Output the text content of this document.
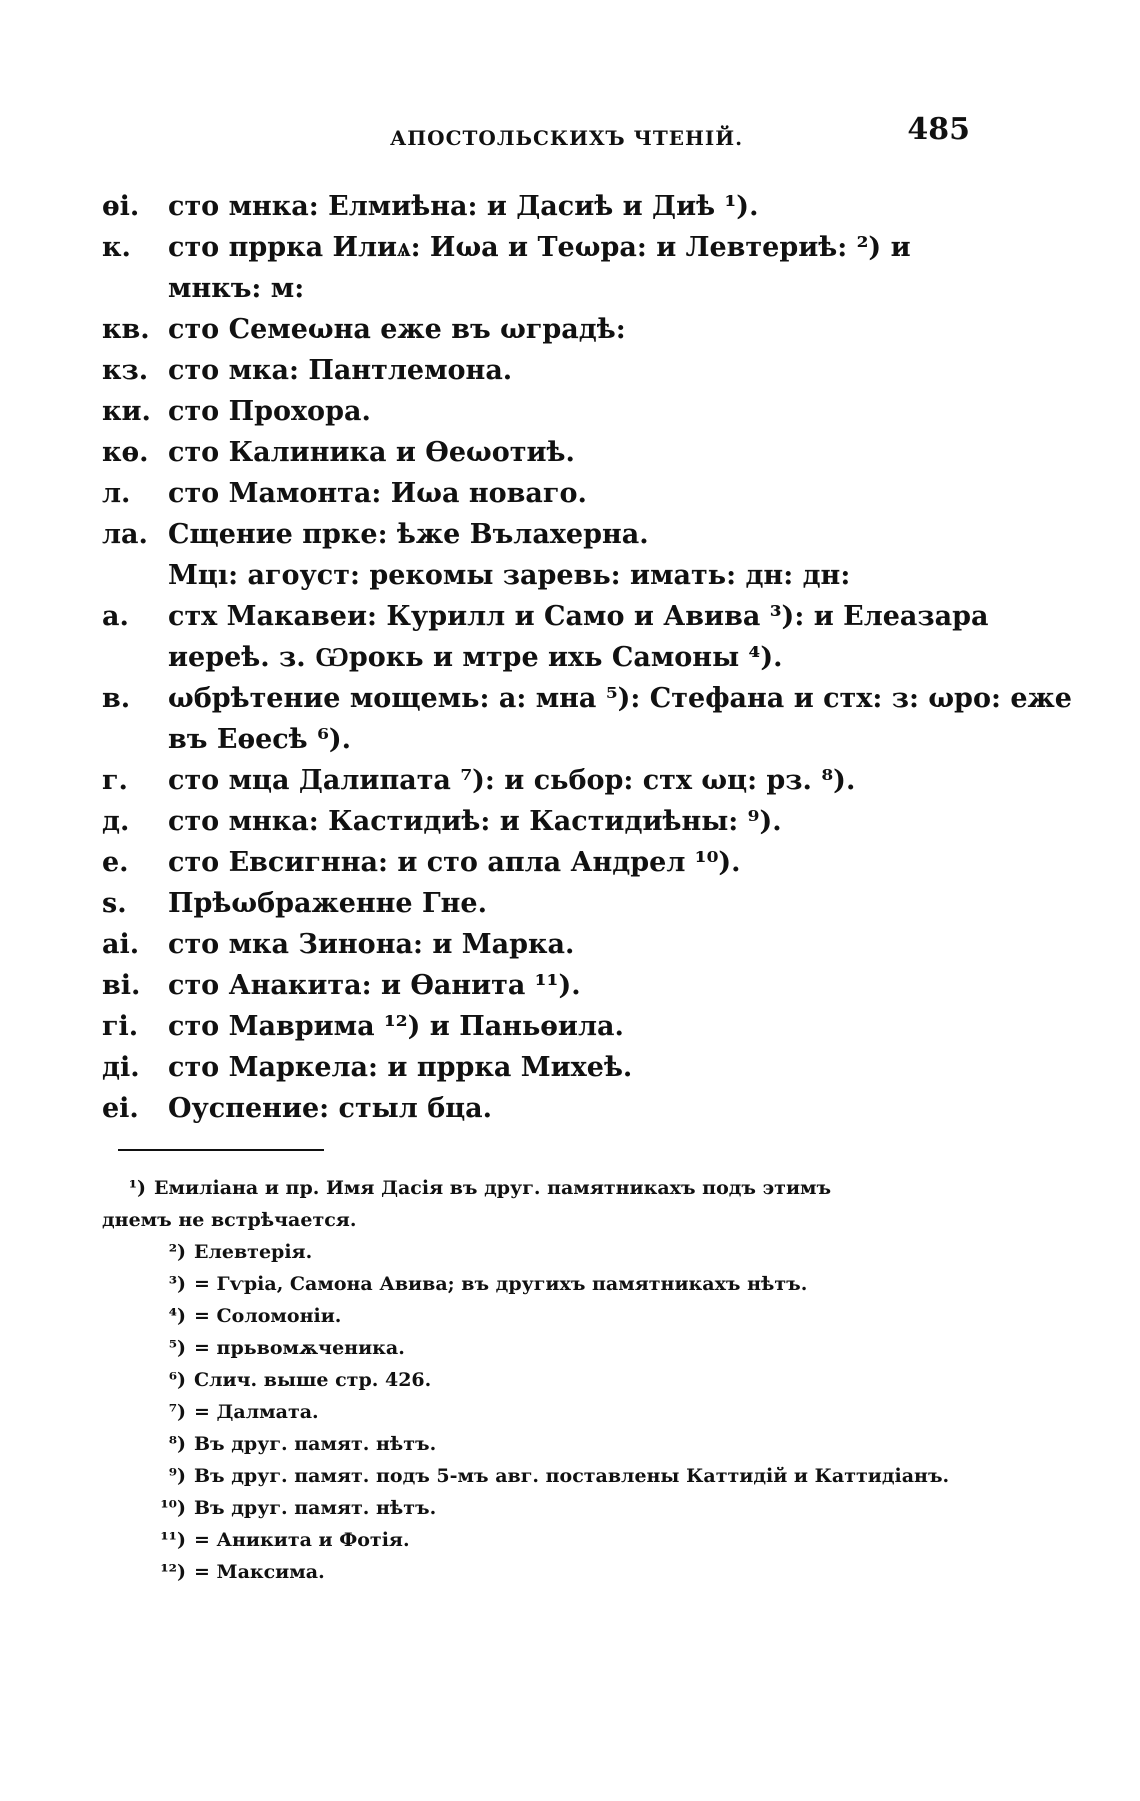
АПОСТОЛЬСКИХЪ ЧТЕНІЙ.	485
ѳі.	сто мнка: Елмиѣна: и Дасиѣ и Диѣ ¹).
к.	сто пррка Илиѧ: Иωа и Теωра: и Левтериѣ: ²) и
мнкъ: м:
кв. сто Семеωна еже въ ωградѣ:
кз. сто мка: Пантлемона.
ки. сто Прохора.
кѳ. сто Калиника и Ѳеωотиѣ.
л.	сто Мамонта: Иωа новаго.
ла. Сщение прке: ѣже Вълахерна.
Мцı: агоуст: рекомы заревь: имать: дн: дн:
а.	стх Макавеи: Курилл и Само и Авива ³): и Елеазара
иереѣ. з. Ѡрокь и мтре ихь Самоны ⁴).
в.	ωбрѣтение мощемь: а: мна ⁵): Стефана и стх: з: ωро: еже
въ Еѳесѣ ⁶).
г.	сто мца Далипата ⁷): и сьбор: стх ωц: рз. ⁸).
д.	сто мнка: Кастидиѣ: и Кастидиѣны: ⁹).
е.	сто Евсигнна: и сто апла Андрел ¹⁰).
ѕ.	Прѣωбраженне Гне.
аі.	сто мка Зинона: и Марка.
ві.	сто Анакита: и Ѳанита ¹¹).
гі.	сто Маврима ¹²) и Паньѳила.
ді.	сто Маркела: и пррка Михеѣ.
еі.	Оуспение: стыл бца.
¹) Емиліана и пр. Имя Дасія въ друг. памятникахъ подъ этимъ
днемъ не встрѣчается.
²) Елевтерія.
³) = Гѵріа, Самона Авива; въ другихъ памятникахъ нѣтъ.
⁴) = Соломоніи.
⁵) = прьвомѫченика.
⁶) Слич. выше стр. 426.
⁷) = Далмата.
⁸) Въ друг. памят. нѣтъ.
⁹) Въ друг. памят. подъ 5-мъ авг. поставлены Каттидій и Каттидіанъ.
¹⁰) Въ друг. памят. нѣтъ.
¹¹) = Аникита и Фотія.
¹²) = Максима.
